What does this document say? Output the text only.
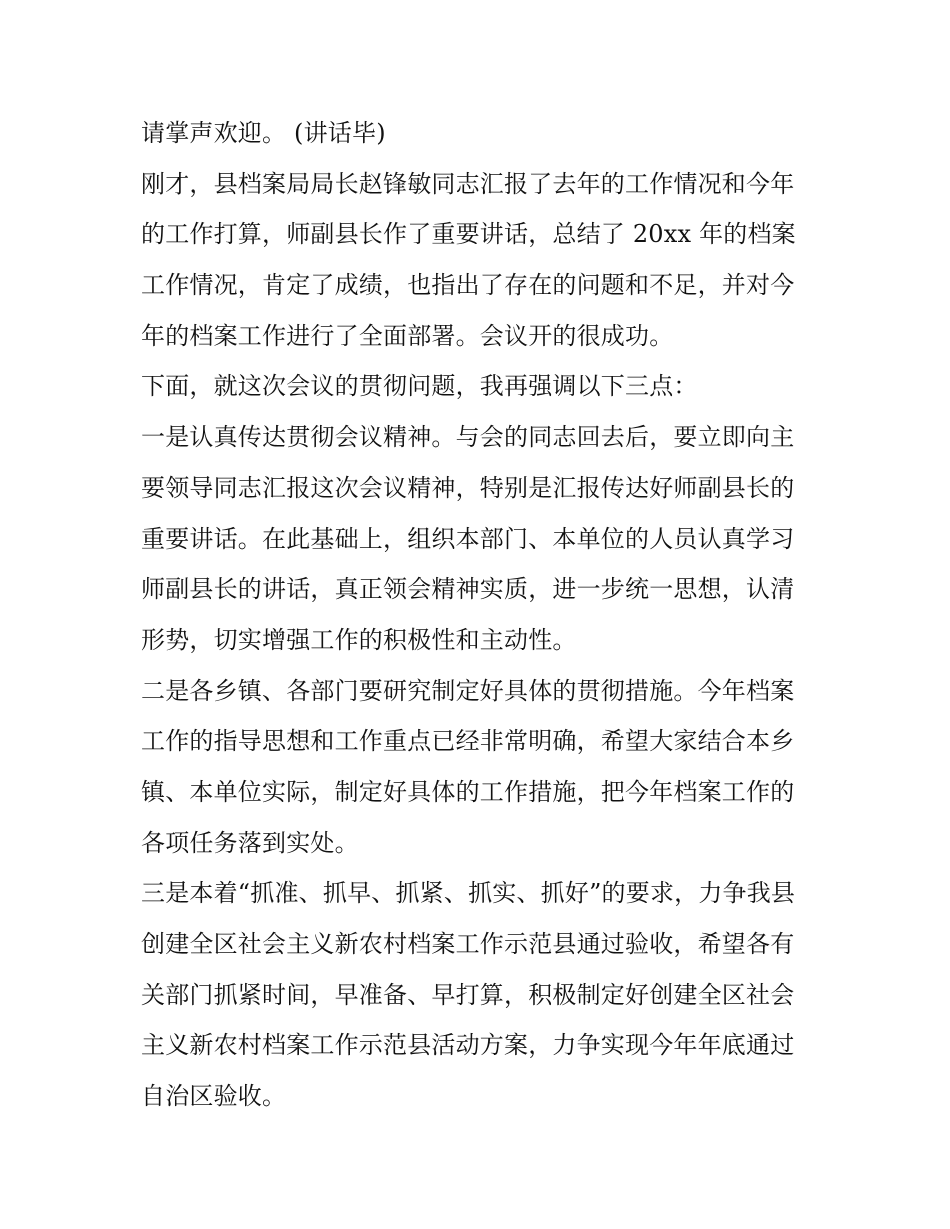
请掌声欢迎。 (讲话毕)
刚才，县档案局局长赵锋敏同志汇报了去年的工作情况和今年
的工作打算，师副县长作了重要讲话，总结了 20xx 年的档案
工作情况，肯定了成绩，也指出了存在的问题和不足，并对今
年的档案工作进行了全面部署。会议开的很成功。
下面，就这次会议的贯彻问题，我再强调以下三点：
一是认真传达贯彻会议精神。与会的同志回去后，要立即向主
要领导同志汇报这次会议精神，特别是汇报传达好师副县长的
重要讲话。在此基础上，组织本部门、本单位的人员认真学习
师副县长的讲话，真正领会精神实质，进一步统一思想，认清
形势，切实增强工作的积极性和主动性。
二是各乡镇、各部门要研究制定好具体的贯彻措施。今年档案
工作的指导思想和工作重点已经非常明确，希望大家结合本乡
镇、本单位实际，制定好具体的工作措施，把今年档案工作的
各项任务落到实处。
三是本着“抓准、抓早、抓紧、抓实、抓好”的要求，力争我县
创建全区社会主义新农村档案工作示范县通过验收，希望各有
关部门抓紧时间，早准备、早打算，积极制定好创建全区社会
主义新农村档案工作示范县活动方案，力争实现今年年底通过
自治区验收。
